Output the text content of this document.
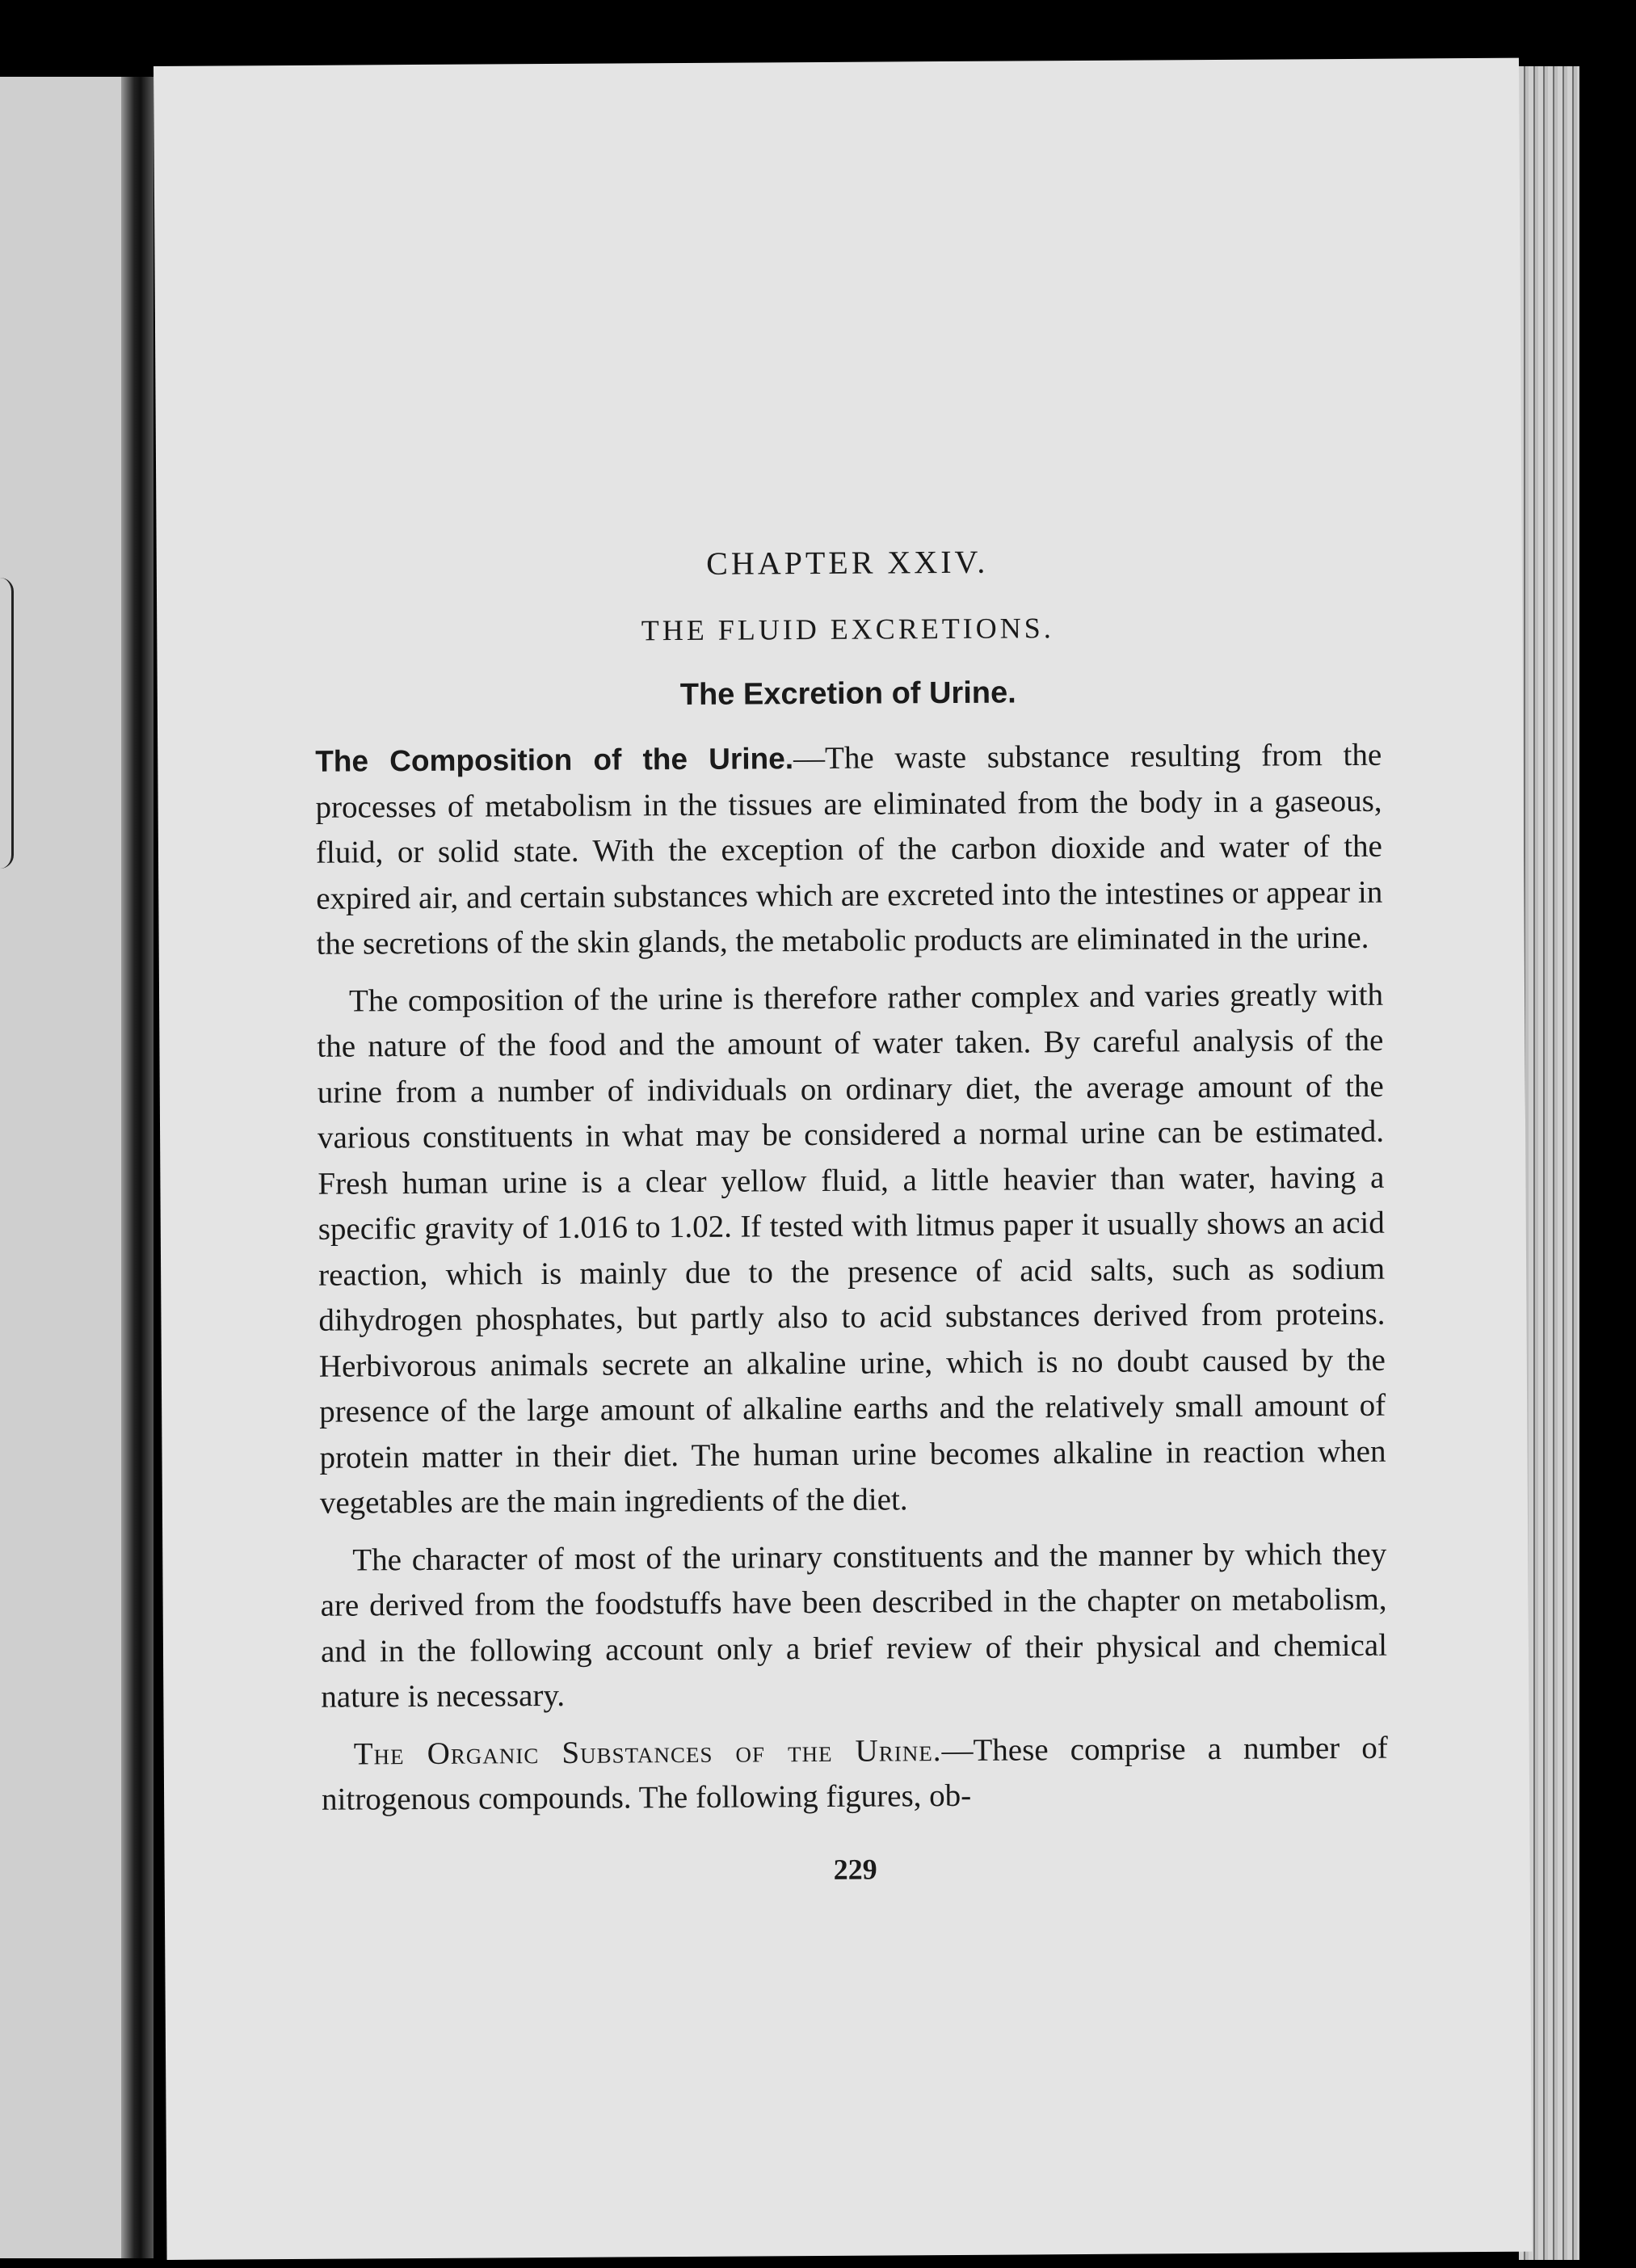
CHAPTER XXIV.
THE FLUID EXCRETIONS.
The Excretion of Urine.

The Composition of the Urine.—The waste substance resulting from the processes of metabolism in the tissues are eliminated from the body in a gaseous, fluid, or solid state. With the exception of the carbon dioxide and water of the expired air, and certain substances which are excreted into the intestines or appear in the secretions of the skin glands, the metabolic products are eliminated in the urine.

The composition of the urine is therefore rather complex and varies greatly with the nature of the food and the amount of water taken. By careful analysis of the urine from a number of individuals on ordinary diet, the average amount of the various constituents in what may be considered a normal urine can be estimated. Fresh human urine is a clear yellow fluid, a little heavier than water, having a specific gravity of 1.016 to 1.02. If tested with litmus paper it usually shows an acid reaction, which is mainly due to the presence of acid salts, such as sodium dihydrogen phosphates, but partly also to acid substances derived from proteins. Herbivorous animals secrete an alkaline urine, which is no doubt caused by the presence of the large amount of alkaline earths and the relatively small amount of protein matter in their diet. The human urine becomes alkaline in reaction when vegetables are the main ingredients of the diet.

The character of most of the urinary constituents and the manner by which they are derived from the foodstuffs have been described in the chapter on metabolism, and in the following account only a brief review of their physical and chemical nature is necessary.

The Organic Substances of the Urine.—These comprise a number of nitrogenous compounds. The following figures, ob-

229
